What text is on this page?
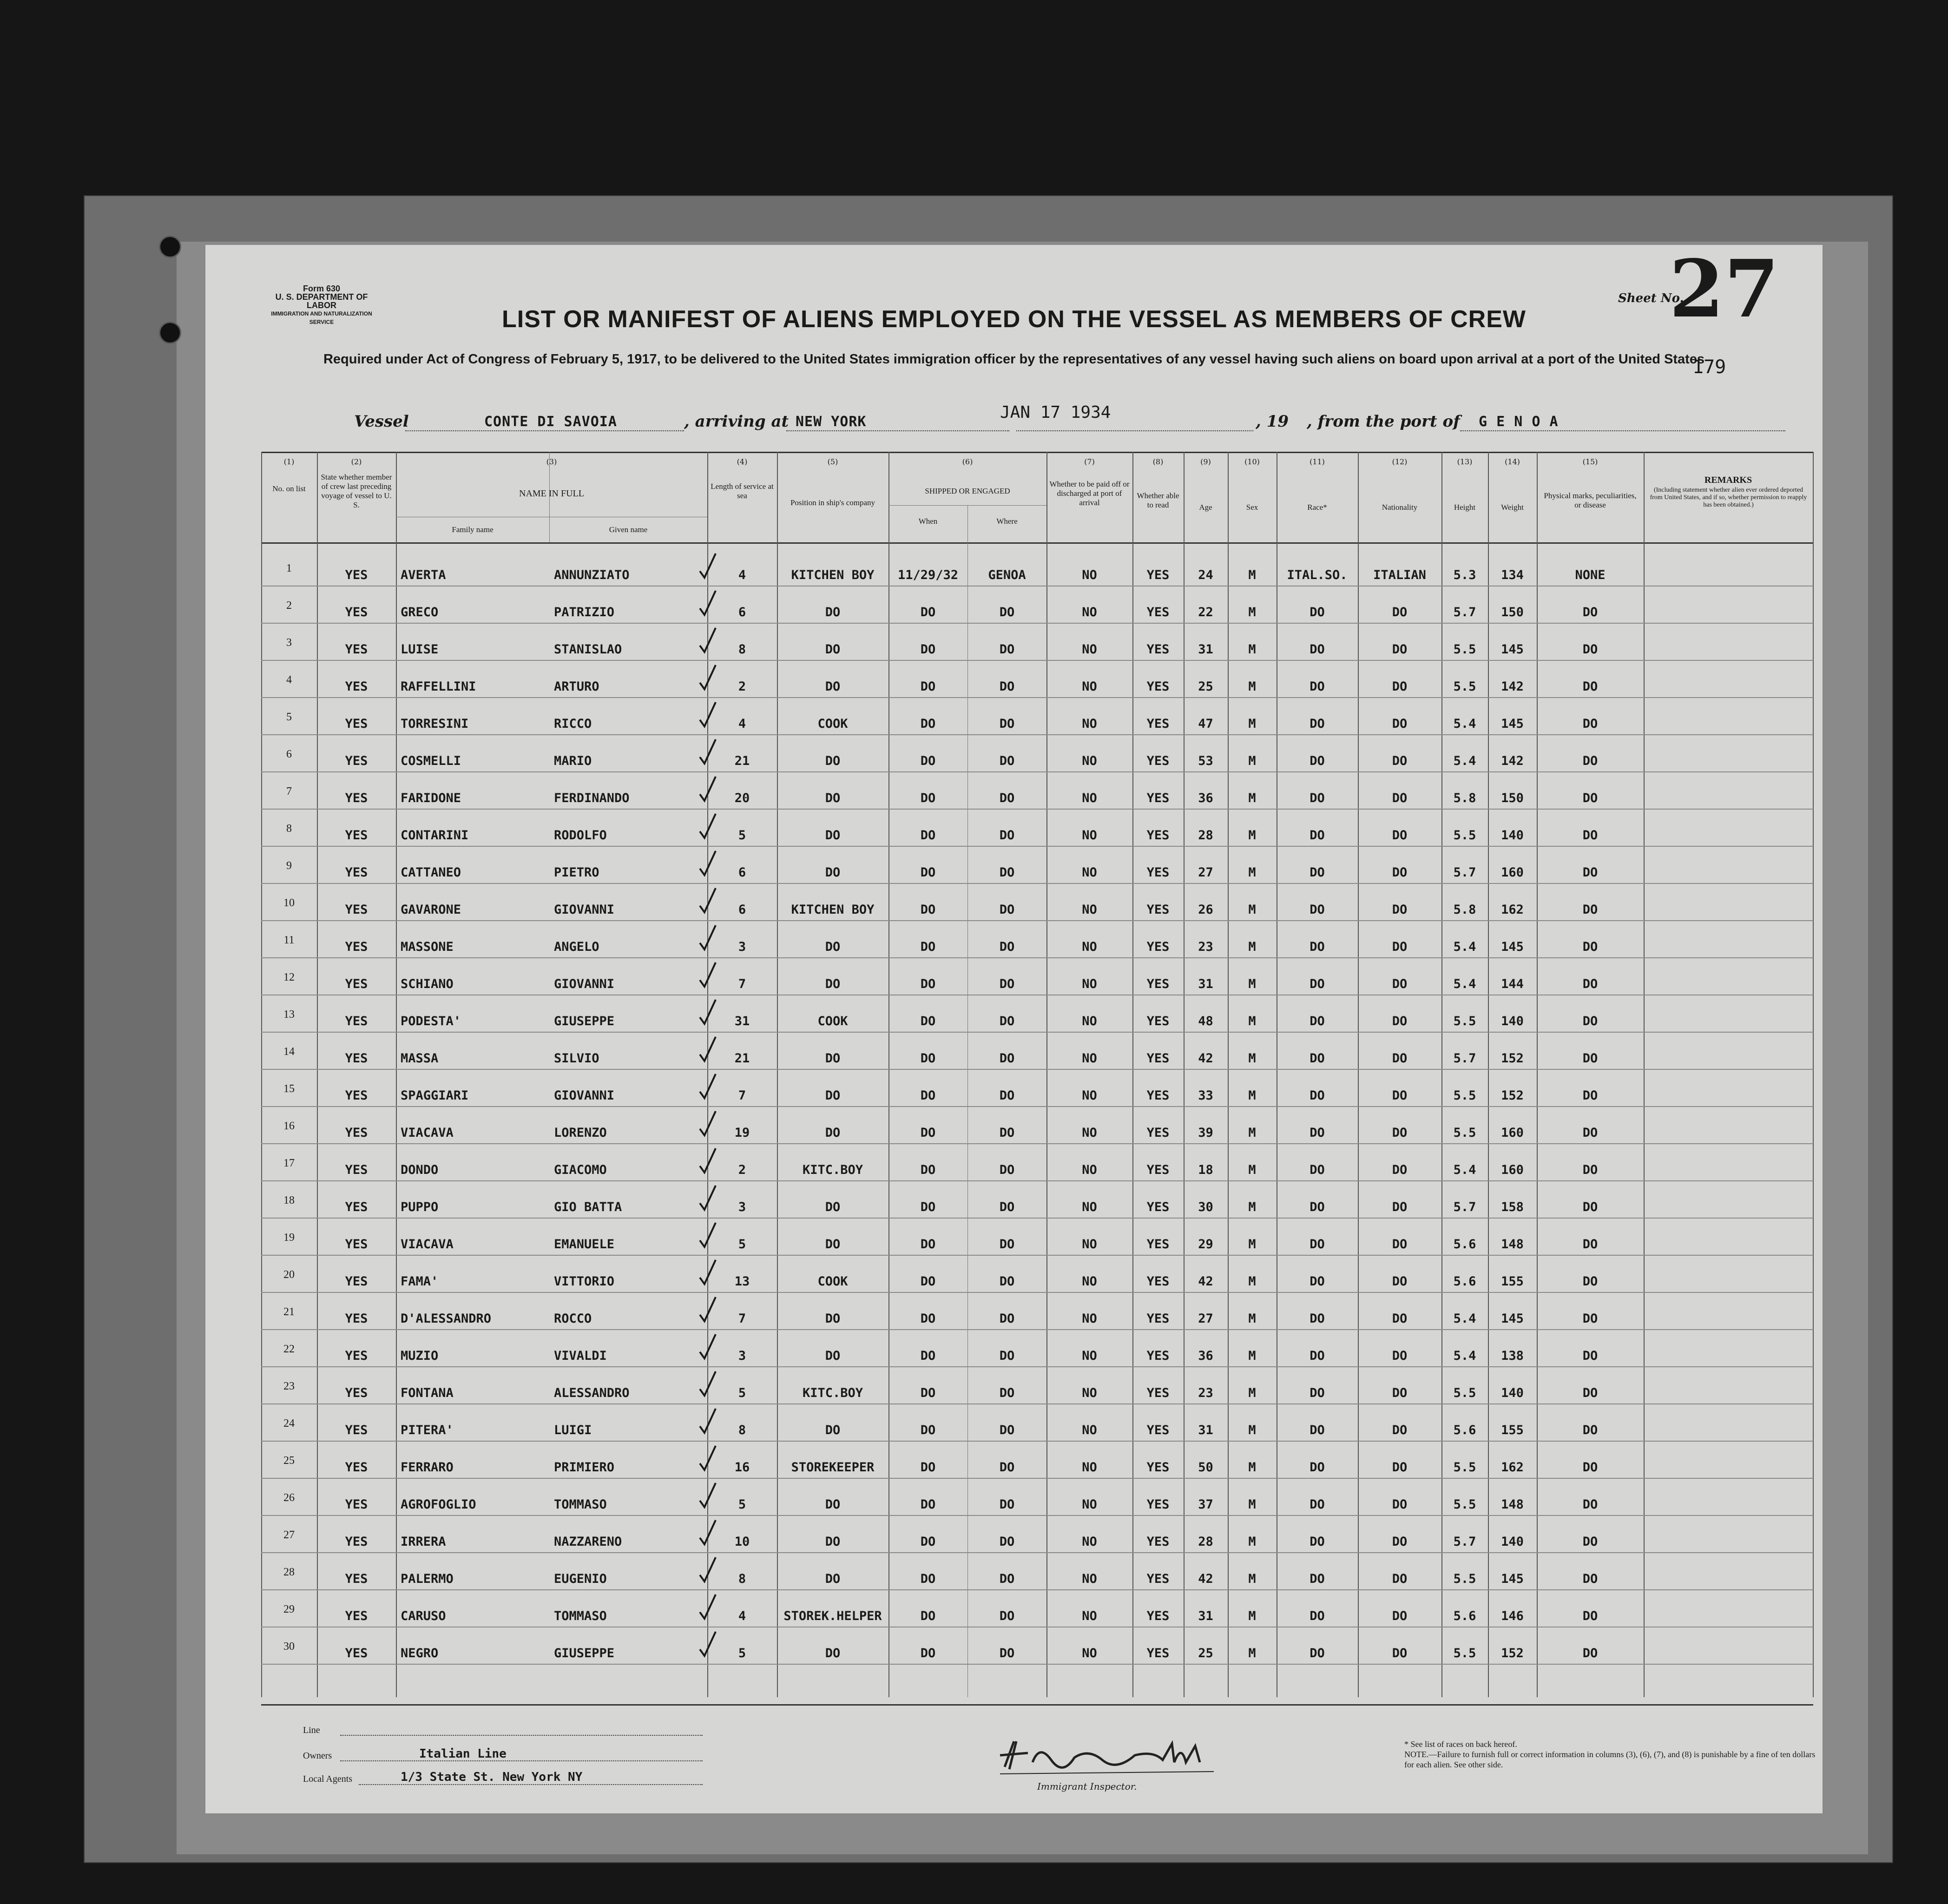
Form 630
U. S. DEPARTMENT OF LABOR
IMMIGRATION AND NATURALIZATION SERVICE
Sheet No.
27
179
LIST OR MANIFEST OF ALIENS EMPLOYED ON THE VESSEL AS MEMBERS OF CREW
Required under Act of Congress of February 5, 1917, to be delivered to the United States immigration officer by the representatives of any vessel having such aliens on board upon arrival at a port of the United States
Vessel	CONTE DI SAVOIA	, arriving at NEW YORK	, 19 , from the port of G E N O A
JAN 17 1934
(1)
No. on list
(2)
State whether member of crew last preceding voyage of vessel to U. S.
(3)
NAME IN FULL
Family name	Given name
(4)
Length of service at sea
(5)
Position in ship's company
(6)
SHIPPED OR ENGAGED
When	Where
(7)
Whether to be paid off or discharged at port of arrival
(8)
Whether able to read
(9)
Age
(10)
Sex
(11)
Race*
(12)
Nationality
(13)
Height
(14)
Weight
(15)
Physical marks, peculiarities, or disease
REMARKS
(Including statement whether alien ever ordered deported from United States, and if so, whether permission to reapply has been obtained.)
1	YES	AVERTA	ANNUNZIATO	4	KITCHEN BOY	11/29/32	GENOA	NO	YES	24	M	ITAL.SO.	ITALIAN	5.3	134	NONE
2	YES	GRECO	PATRIZIO	6	DO	DO	DO	NO	YES	22	M	DO	DO	5.7	150	DO
3	YES	LUISE	STANISLAO	8	DO	DO	DO	NO	YES	31	M	DO	DO	5.5	145	DO
4	YES	RAFFELLINI	ARTURO	2	DO	DO	DO	NO	YES	25	M	DO	DO	5.5	142	DO
5	YES	TORRESINI	RICCO	4	COOK	DO	DO	NO	YES	47	M	DO	DO	5.4	145	DO
6	YES	COSMELLI	MARIO	21	DO	DO	DO	NO	YES	53	M	DO	DO	5.4	142	DO
7	YES	FARIDONE	FERDINANDO	20	DO	DO	DO	NO	YES	36	M	DO	DO	5.8	150	DO
8	YES	CONTARINI	RODOLFO	5	DO	DO	DO	NO	YES	28	M	DO	DO	5.5	140	DO
9	YES	CATTANEO	PIETRO	6	DO	DO	DO	NO	YES	27	M	DO	DO	5.7	160	DO
10	YES	GAVARONE	GIOVANNI	6	KITCHEN BOY	DO	DO	NO	YES	26	M	DO	DO	5.8	162	DO
11	YES	MASSONE	ANGELO	3	DO	DO	DO	NO	YES	23	M	DO	DO	5.4	145	DO
12	YES	SCHIANO	GIOVANNI	7	DO	DO	DO	NO	YES	31	M	DO	DO	5.4	144	DO
13	YES	PODESTA'	GIUSEPPE	31	COOK	DO	DO	NO	YES	48	M	DO	DO	5.5	140	DO
14	YES	MASSA	SILVIO	21	DO	DO	DO	NO	YES	42	M	DO	DO	5.7	152	DO
15	YES	SPAGGIARI	GIOVANNI	7	DO	DO	DO	NO	YES	33	M	DO	DO	5.5	152	DO
16	YES	VIACAVA	LORENZO	19	DO	DO	DO	NO	YES	39	M	DO	DO	5.5	160	DO
17	YES	DONDO	GIACOMO	2	KITC.BOY	DO	DO	NO	YES	18	M	DO	DO	5.4	160	DO
18	YES	PUPPO	GIO BATTA	3	DO	DO	DO	NO	YES	30	M	DO	DO	5.7	158	DO
19	YES	VIACAVA	EMANUELE	5	DO	DO	DO	NO	YES	29	M	DO	DO	5.6	148	DO
20	YES	FAMA'	VITTORIO	13	COOK	DO	DO	NO	YES	42	M	DO	DO	5.6	155	DO
21	YES	D'ALESSANDRO	ROCCO	7	DO	DO	DO	NO	YES	27	M	DO	DO	5.4	145	DO
22	YES	MUZIO	VIVALDI	3	DO	DO	DO	NO	YES	36	M	DO	DO	5.4	138	DO
23	YES	FONTANA	ALESSANDRO	5	KITC.BOY	DO	DO	NO	YES	23	M	DO	DO	5.5	140	DO
24	YES	PITERA'	LUIGI	8	DO	DO	DO	NO	YES	31	M	DO	DO	5.6	155	DO
25	YES	FERRARO	PRIMIERO	16	STOREKEEPER	DO	DO	NO	YES	50	M	DO	DO	5.5	162	DO
26	YES	AGROFOGLIO	TOMMASO	5	DO	DO	DO	NO	YES	37	M	DO	DO	5.5	148	DO
27	YES	IRRERA	NAZZARENO	10	DO	DO	DO	NO	YES	28	M	DO	DO	5.7	140	DO
28	YES	PALERMO	EUGENIO	8	DO	DO	DO	NO	YES	42	M	DO	DO	5.5	145	DO
29	YES	CARUSO	TOMMASO	4	STOREK.HELPER	DO	DO	NO	YES	31	M	DO	DO	5.6	146	DO
30	YES	NEGRO	GIUSEPPE	5	DO	DO	DO	NO	YES	25	M	DO	DO	5.5	152	DO
Line
Owners	Italian Line
Local Agents	1/3 State St. New York NY
Immigrant Inspector.
* See list of races on back hereof.
NOTE.—Failure to furnish full or correct information in columns (3), (6), (7), and (8) is punishable by a fine of ten dollars for each alien. See other side.
